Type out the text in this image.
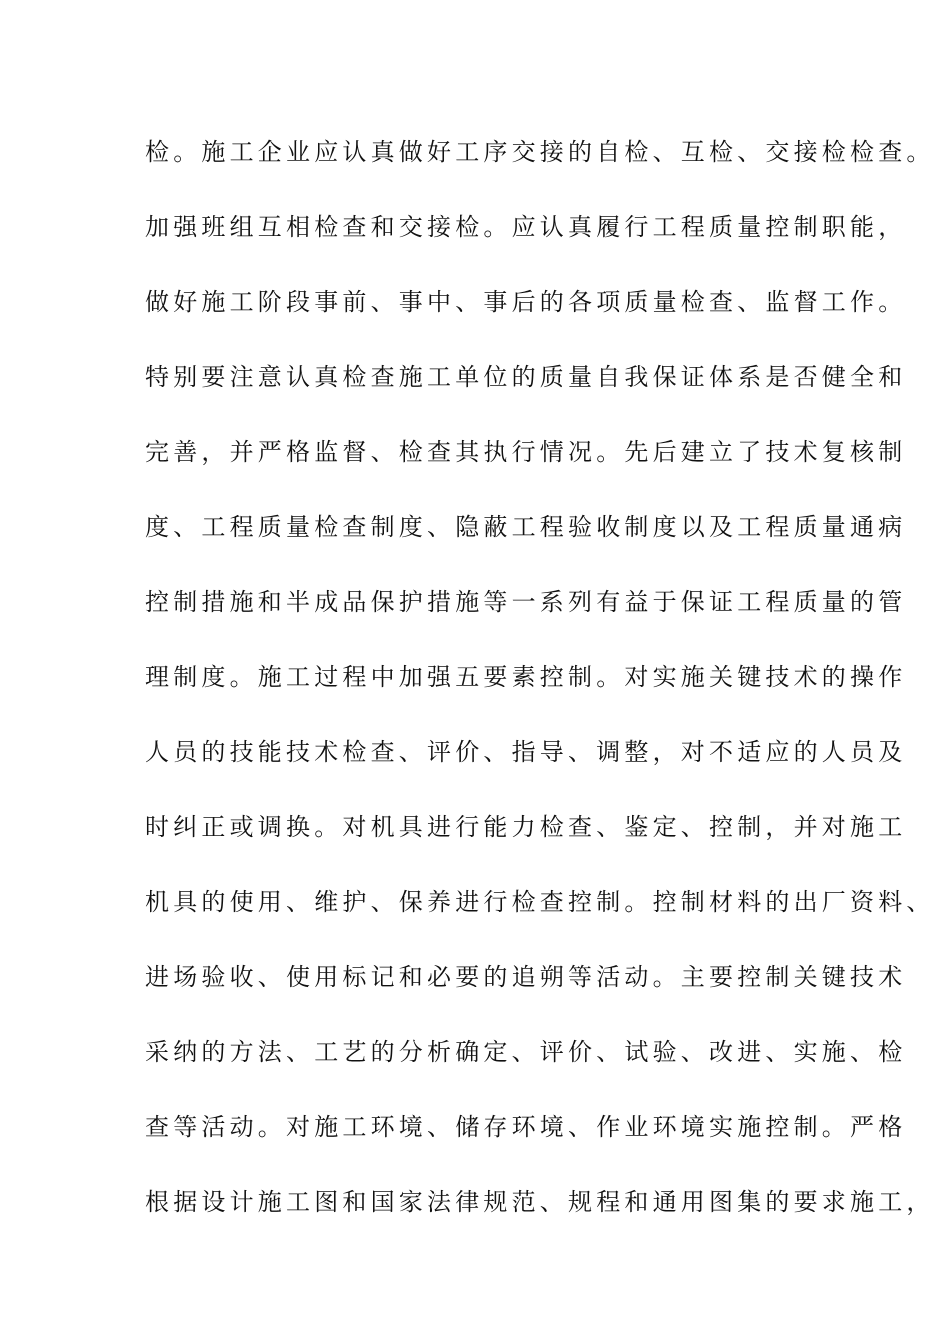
检。施工企业应认真做好工序交接的自检、互检、交接检检查。
加强班组互相检查和交接检。应认真履行工程质量控制职能，
做好施工阶段事前、事中、事后的各项质量检查、监督工作。
特别要注意认真检查施工单位的质量自我保证体系是否健全和
完善，并严格监督、检查其执行情况。先后建立了技术复核制
度、工程质量检查制度、隐蔽工程验收制度以及工程质量通病
控制措施和半成品保护措施等一系列有益于保证工程质量的管
理制度。施工过程中加强五要素控制。对实施关键技术的操作
人员的技能技术检查、评价、指导、调整，对不适应的人员及
时纠正或调换。对机具进行能力检查、鉴定、控制，并对施工
机具的使用、维护、保养进行检查控制。控制材料的出厂资料、
进场验收、使用标记和必要的追朔等活动。主要控制关键技术
采纳的方法、工艺的分析确定、评价、试验、改进、实施、检
查等活动。对施工环境、储存环境、作业环境实施控制。严格
根据设计施工图和国家法律规范、规程和通用图集的要求施工，
